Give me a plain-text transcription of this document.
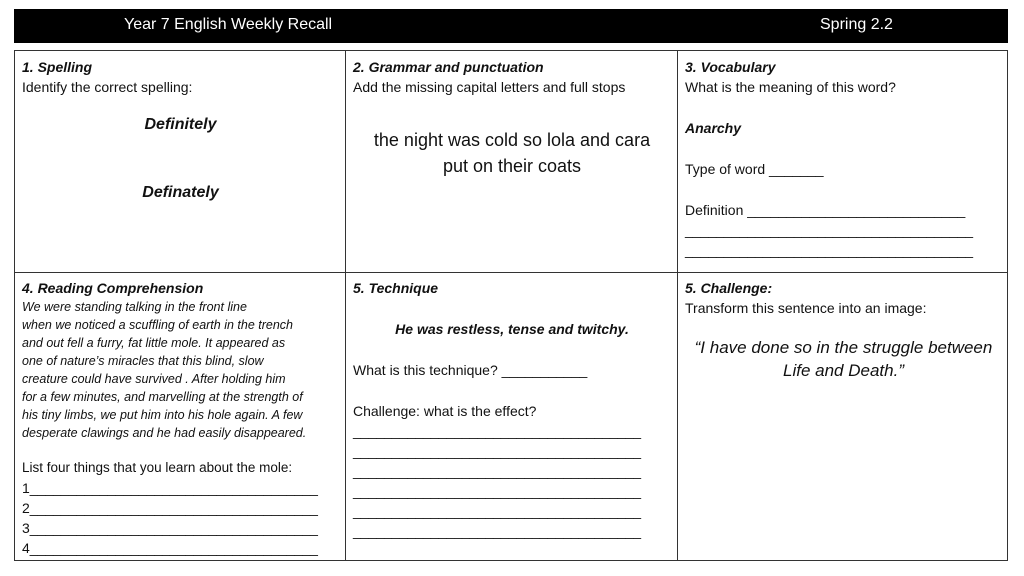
Year 7 English Weekly Recall	Spring 2.2
1. Spelling
Identify the correct spelling:
Definitely
Definately
2. Grammar and punctuation
Add the missing capital letters and full stops
the night was cold so lola and cara put on their coats
3. Vocabulary
What is the meaning of this word?
Anarchy
Type of word _______
Definition ____________________________
_____________________________________
_____________________________________
4. Reading Comprehension
We were standing talking in the front line
when we noticed a scuffling of earth in the trench
and out fell a furry, fat little mole. It appeared as
one of nature’s miracles that this blind, slow
creature could have survived . After holding him
for a few minutes, and marvelling at the strength of
his tiny limbs, we put him into his hole again. A few
desperate clawings and he had easily disappeared.
List four things that you learn about the mole:
1_____________________________________
2_____________________________________
3_____________________________________
4_____________________________________
5. Technique
He was restless, tense and twitchy.
What is this technique? ___________
Challenge: what is the effect?
_____________________________________
_____________________________________
_____________________________________
_____________________________________
_____________________________________
_____________________________________
5. Challenge:
Transform this sentence into an image:
“I have done so in the struggle between Life and Death.”
